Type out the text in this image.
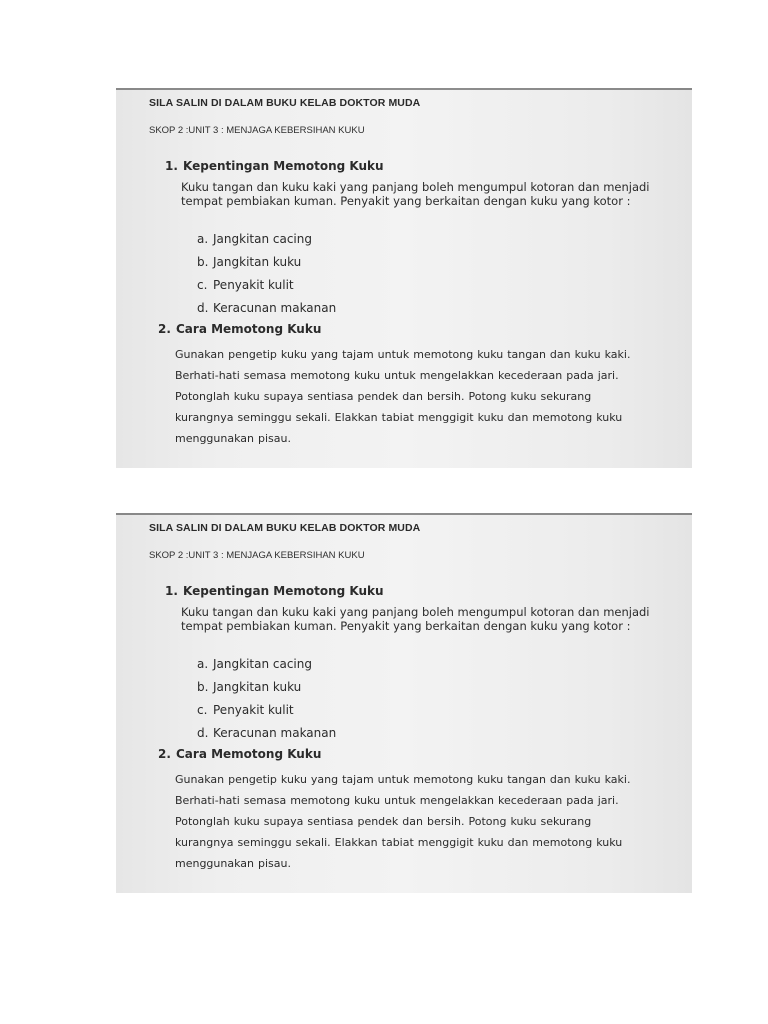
SILA SALIN DI DALAM BUKU KELAB DOKTOR MUDA

SKOP 2 :UNIT 3 : MENJAGA KEBERSIHAN KUKU

1. Kepentingan Memotong Kuku

Kuku tangan dan kuku kaki yang panjang boleh mengumpul kotoran dan menjadi tempat pembiakan kuman. Penyakit yang berkaitan dengan kuku yang kotor :

a. Jangkitan cacing
b. Jangkitan kuku
c. Penyakit kulit
d. Keracunan makanan
2. Cara Memotong Kuku

Gunakan pengetip kuku yang tajam untuk memotong kuku tangan dan kuku kaki. Berhati-hati semasa memotong kuku untuk mengelakkan kecederaan pada jari. Potonglah kuku supaya sentiasa pendek dan bersih. Potong kuku sekurang kurangnya seminggu sekali. Elakkan tabiat menggigit kuku dan memotong kuku menggunakan pisau.

SILA SALIN DI DALAM BUKU KELAB DOKTOR MUDA

SKOP 2 :UNIT 3 : MENJAGA KEBERSIHAN KUKU

1. Kepentingan Memotong Kuku

Kuku tangan dan kuku kaki yang panjang boleh mengumpul kotoran dan menjadi tempat pembiakan kuman. Penyakit yang berkaitan dengan kuku yang kotor :

a. Jangkitan cacing
b. Jangkitan kuku
c. Penyakit kulit
d. Keracunan makanan
2. Cara Memotong Kuku

Gunakan pengetip kuku yang tajam untuk memotong kuku tangan dan kuku kaki. Berhati-hati semasa memotong kuku untuk mengelakkan kecederaan pada jari. Potonglah kuku supaya sentiasa pendek dan bersih. Potong kuku sekurang kurangnya seminggu sekali. Elakkan tabiat menggigit kuku dan memotong kuku menggunakan pisau.
